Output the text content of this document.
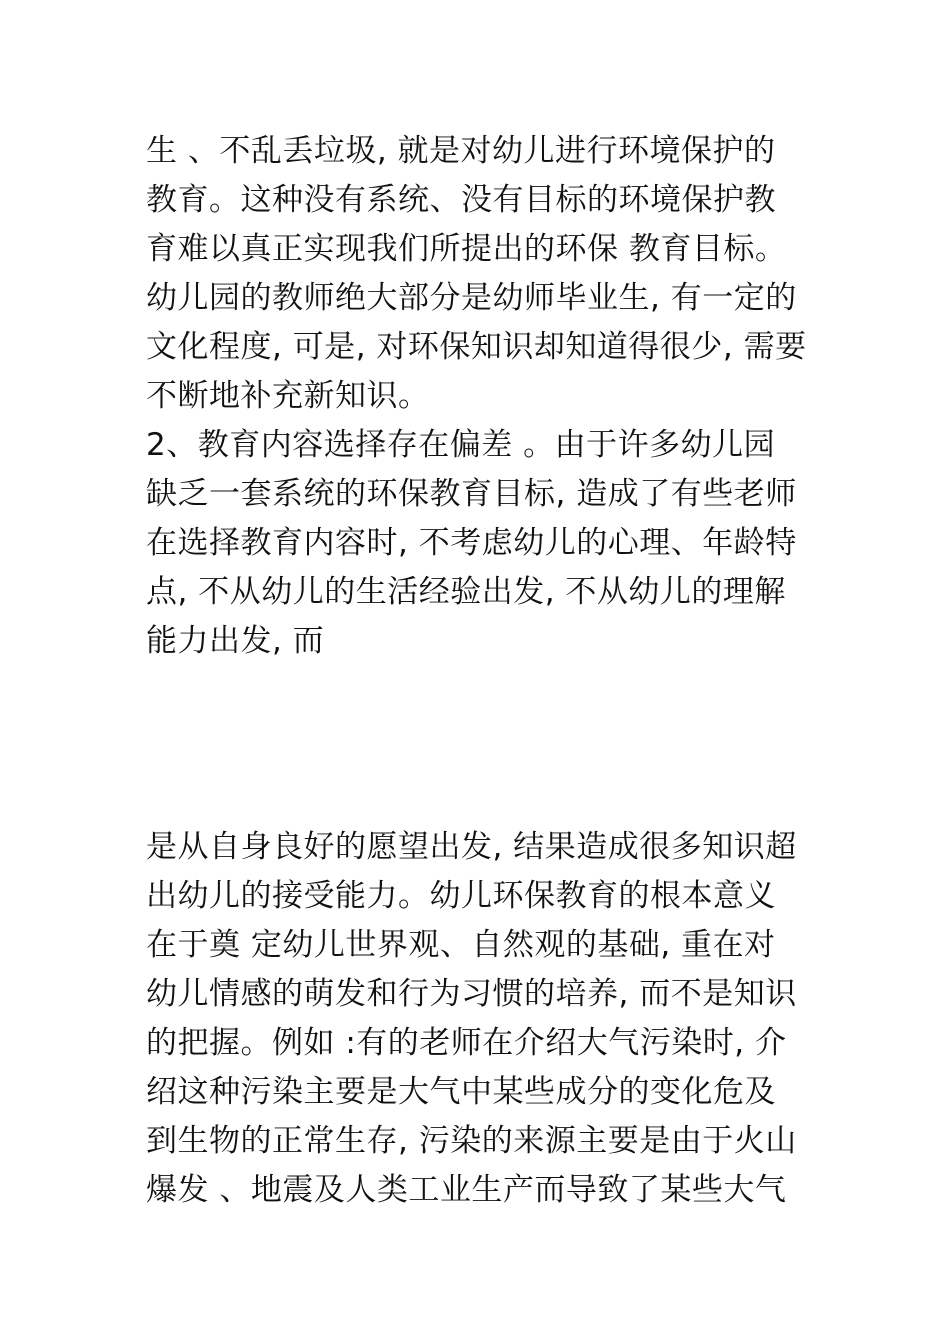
生 、不乱丢垃圾, 就是对幼儿进行环境保护的
教育。这种没有系统、没有目标的环境保护教
育难以真正实现我们所提出的环保 教育目标。
幼儿园的教师绝大部分是幼师毕业生, 有一定的
文化程度, 可是, 对环保知识却知道得很少, 需要
不断地补充新知识。
2、教育内容选择存在偏差 。由于许多幼儿园
缺乏一套系统的环保教育目标, 造成了有些老师
在选择教育内容时, 不考虑幼儿的心理、年龄特
点, 不从幼儿的生活经验出发, 不从幼儿的理解
能力出发, 而
是从自身良好的愿望出发, 结果造成很多知识超
出幼儿的接受能力。幼儿环保教育的根本意义
在于奠 定幼儿世界观、自然观的基础, 重在对
幼儿情感的萌发和行为习惯的培养, 而不是知识
的把握。例如 :有的老师在介绍大气污染时, 介
绍这种污染主要是大气中某些成分的变化危及
到生物的正常生存, 污染的来源主要是由于火山
爆发 、地震及人类工业生产而导致了某些大气
